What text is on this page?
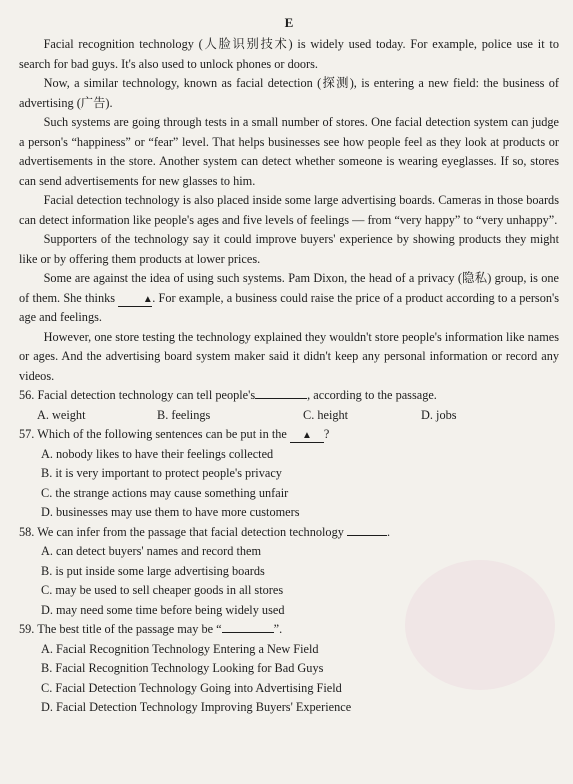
E

Facial recognition technology (人脸识别技术) is widely used today. For example, police use it to search for bad guys. It's also used to unlock phones or doors.

Now, a similar technology, known as facial detection (探测), is entering a new field: the business of advertising (广告).

Such systems are going through tests in a small number of stores. One facial detection system can judge a person's “happiness” or “fear” level. That helps businesses see how people feel as they look at products or advertisements in the store. Another system can detect whether someone is wearing eyeglasses. If so, stores can send advertisements for new glasses to him.

Facial detection technology is also placed inside some large advertising boards. Cameras in those boards can detect information like people's ages and five levels of feelings — from “very happy” to “very unhappy”.

Supporters of the technology say it could improve buyers' experience by showing products they might like or by offering them products at lower prices.

Some are against the idea of using such systems. Pam Dixon, the head of a privacy (隐私) group, is one of them. She thinks	▲. For example, a business could raise the price of a product according to a person's age and feelings.

However, one store testing the technology explained they wouldn't store people's information like names or ages. And the advertising board system maker said it didn't keep any personal information or record any videos.

56. Facial detection technology can tell people's	, according to the passage.

A. weight	B. feelings	C. height	D. jobs

57. Which of the following sentences can be put in the ▲ ?

A. nobody likes to have their feelings collected

B. it is very important to protect people's privacy

C. the strange actions may cause something unfair

D. businesses may use them to have more customers

58. We can infer from the passage that facial detection technology	.

A. can detect buyers' names and record them

B. is put inside some large advertising boards

C. may be used to sell cheaper goods in all stores

D. may need some time before being widely used

59. The best title of the passage may be “	”.

A. Facial Recognition Technology Entering a New Field

B. Facial Recognition Technology Looking for Bad Guys

C. Facial Detection Technology Going into Advertising Field

D. Facial Detection Technology Improving Buyers' Experience
